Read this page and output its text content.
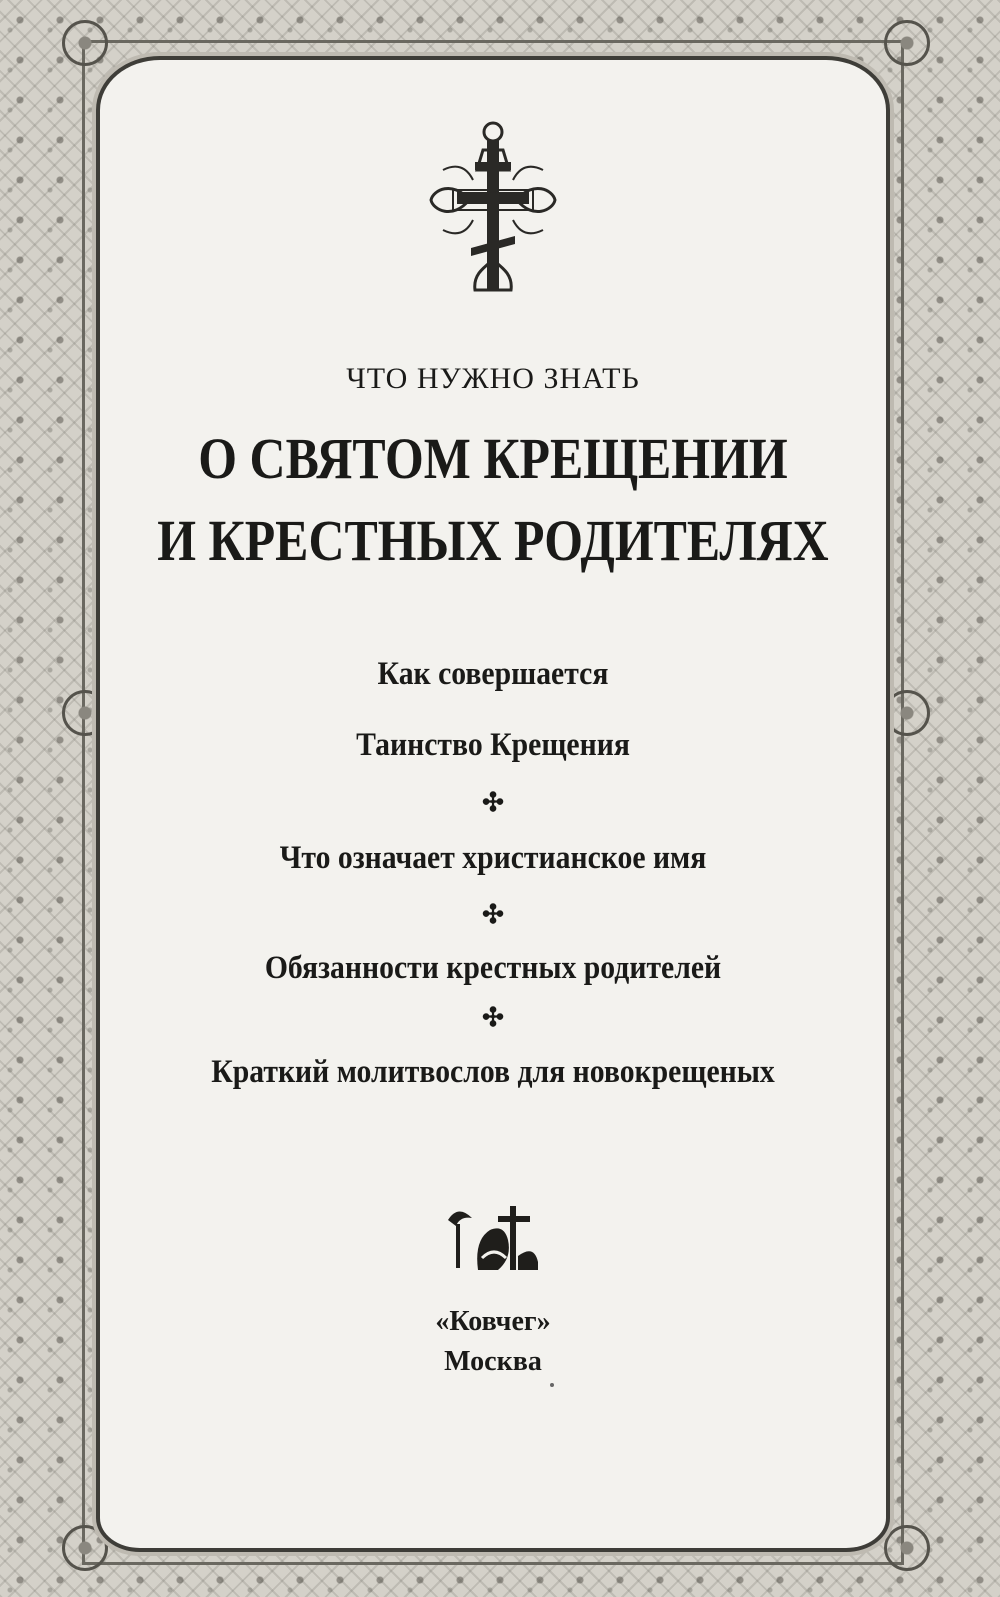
ЧТО НУЖНО ЗНАТЬ
О СВЯТОМ КРЕЩЕНИИ
И КРЕСТНЫХ РОДИТЕЛЯХ
Как совершается
Таинство Крещения
✣
Что означает христианское имя
✣
Обязанности крестных родителей
✣
Краткий молитвослов для новокрещеных
«Ковчег»
Москва
